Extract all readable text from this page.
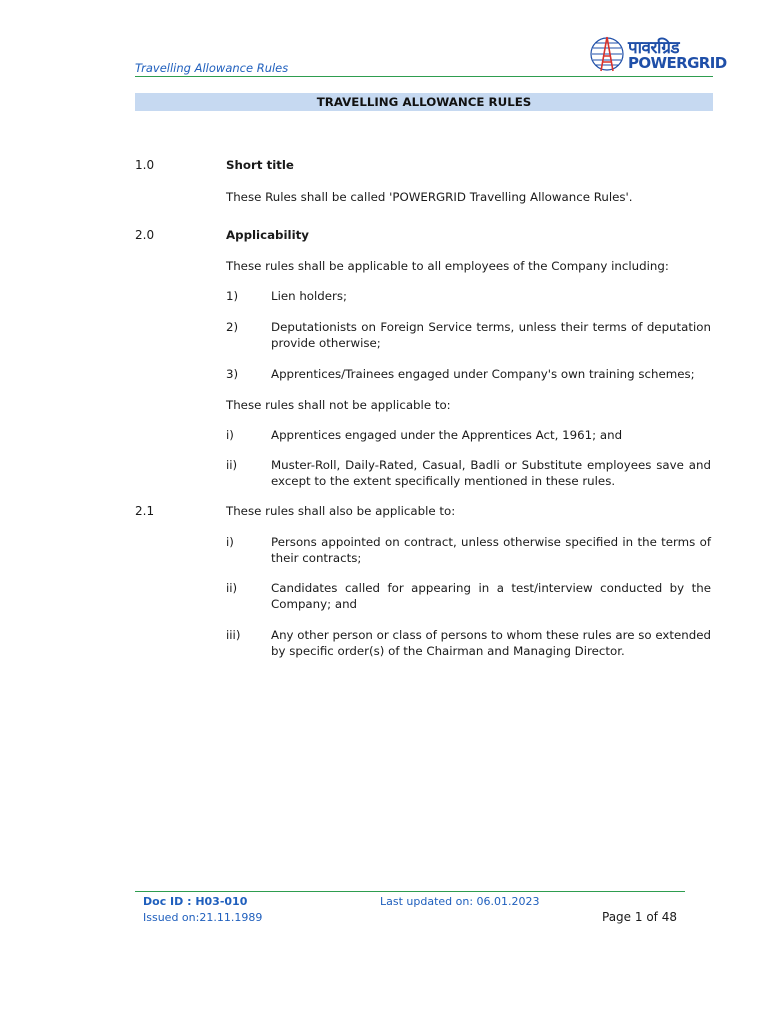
Travelling Allowance Rules
पावरग्रिड
POWERGRID
TRAVELLING ALLOWANCE RULES
1.0	Short title
These Rules shall be called 'POWERGRID Travelling Allowance Rules'.
2.0	Applicability
These rules shall be applicable to all employees of the Company including:
1)	Lien holders;
2)	Deputationists on Foreign Service terms, unless their terms of deputation provide otherwise;
3)	Apprentices/Trainees engaged under Company's own training schemes;
These rules shall not be applicable to:
i)	Apprentices engaged under the Apprentices Act, 1961; and
ii)	Muster-Roll, Daily-Rated, Casual, Badli or Substitute employees save and except to the extent specifically mentioned in these rules.
2.1	These rules shall also be applicable to:
i)	Persons appointed on contract, unless otherwise specified in the terms of their contracts;
ii)	Candidates called for appearing in a test/interview conducted by the Company; and
iii)	Any other person or class of persons to whom these rules are so extended by specific order(s) of the Chairman and Managing Director.
Doc ID : H03-010
Issued on:21.11.1989
Last updated on: 06.01.2023
Page 1 of 48
